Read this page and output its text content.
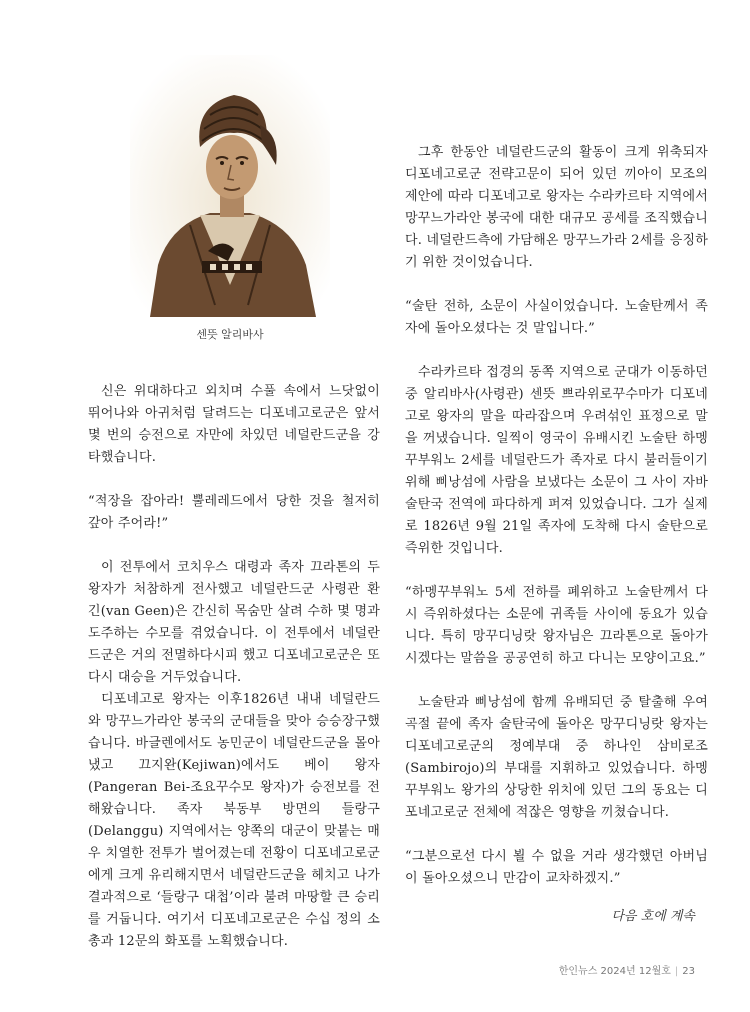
센뜻 알리바사

신은 위대하다고 외치며 수풀 속에서 느닷없이 뛰어나와 아귀처럼 달려드는 디포네고로군은 앞서 몇 번의 승전으로 자만에 차있던 네덜란드군을 강타했습니다.

“적장을 잡아라! 뿔레레드에서 당한 것을 철저히 갚아 주어라!”

이 전투에서 코치우스 대령과 족자 끄라톤의 두 왕자가 처참하게 전사했고 네덜란드군 사령관 환 긴(van Geen)은 간신히 목숨만 살려 수하 몇 명과 도주하는 수모를 겪었습니다. 이 전투에서 네덜란드군은 거의 전멸하다시피 했고 디포네고로군은 또다시 대승을 거두었습니다.

디포네고로 왕자는 이후1826년 내내 네덜란드와 망꾸느가라안 봉국의 군대들을 맞아 승승장구했습니다. 바글렌에서도 농민군이 네덜란드군을 몰아냈고 끄지완(Kejiwan)에서도 베이 왕자(Pangeran Bei-조요꾸수모 왕자)가 승전보를 전해왔습니다. 족자 북동부 방면의 들랑구(Delanggu) 지역에서는 양쪽의 대군이 맞붙는 매우 치열한 전투가 벌어졌는데 전황이 디포네고로군에게 크게 유리해지면서 네덜란드군을 헤치고 나가 결과적으로 ‘들랑구 대첩’이라 불려 마땅할 큰 승리를 거둡니다. 여기서 디포네고로군은 수십 정의 소총과 12문의 화포를 노획했습니다.

그후 한동안 네덜란드군의 활동이 크게 위축되자 디포네고로군 전략고문이 되어 있던 끼아이 모조의 제안에 따라 디포네고로 왕자는 수라카르타 지역에서 망꾸느가라안 봉국에 대한 대규모 공세를 조직했습니다. 네덜란드측에 가담해온 망꾸느가라 2세를 응징하기 위한 것이었습니다.

“술탄 전하, 소문이 사실이었습니다. 노술탄께서 족자에 돌아오셨다는 것 말입니다.”

수라카르타 접경의 동쪽 지역으로 군대가 이동하던 중 알리바사(사령관) 센뜻 쁘라위로꾸수마가 디포네고로 왕자의 말을 따라잡으며 우려섞인 표정으로 말을 꺼냈습니다. 일찍이 영국이 유배시킨 노술탄 하멩꾸부워노 2세를 네덜란드가 족자로 다시 불러들이기 위해 삐낭섬에 사람을 보냈다는 소문이 그 사이 자바 술탄국 전역에 파다하게 퍼져 있었습니다. 그가 실제로 1826년 9월 21일 족자에 도착해 다시 술탄으로 즉위한 것입니다.

“하멩꾸부워노 5세 전하를 폐위하고 노술탄께서 다시 즉위하셨다는 소문에 귀족들 사이에 동요가 있습니다. 특히 망꾸디닝랏 왕자님은 끄라톤으로 돌아가시겠다는 말씀을 공공연히 하고 다니는 모양이고요.”

노술탄과 삐낭섬에 함께 유배되던 중 탈출해 우여곡절 끝에 족자 술탄국에 돌아온 망꾸디닝랏 왕자는 디포네고로군의 정예부대 중 하나인 삼비로조(Sambirojo)의 부대를 지휘하고 있었습니다. 하멩꾸부워노 왕가의 상당한 위치에 있던 그의 동요는 디포네고로군 전체에 적잖은 영향을 끼쳤습니다.

“그분으로선 다시 뵐 수 없을 거라 생각했던 아버님이 돌아오셨으니 만감이 교차하겠지.”

다음 호에 계속
한인뉴스 2024년 12월호 | 23
